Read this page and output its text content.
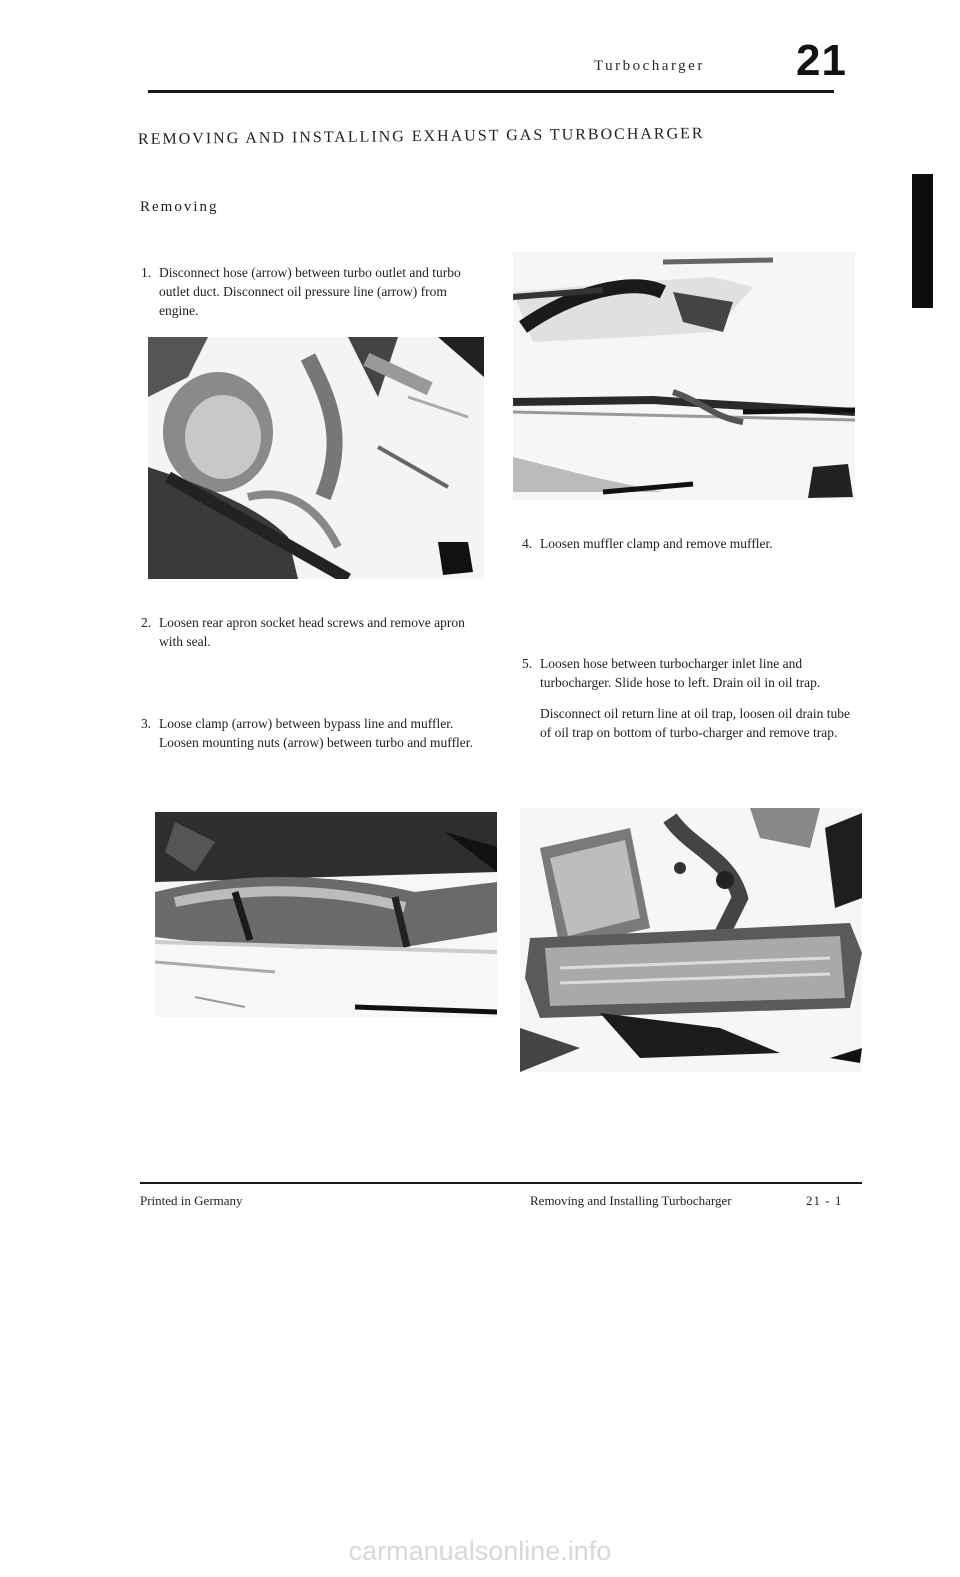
Turbocharger 21
REMOVING AND INSTALLING EXHAUST GAS TURBOCHARGER
Removing
1. Disconnect hose (arrow) between turbo outlet and turbo outlet duct. Disconnect oil pressure line (arrow) from engine.

4. Loosen muffler clamp and remove muffler.

2. Loosen rear apron socket head screws and remove apron with seal.

5. Loosen hose between turbocharger inlet line and turbocharger. Slide hose to left. Drain oil in oil trap.

Disconnect oil return line at oil trap, loosen oil drain tube of oil trap on bottom of turbo-charger and remove trap.

3. Loose clamp (arrow) between bypass line and muffler. Loosen mounting nuts (arrow) between turbo and muffler.

Printed in Germany	Removing and Installing Turbocharger	21 - 1
carmanualsonline.info
